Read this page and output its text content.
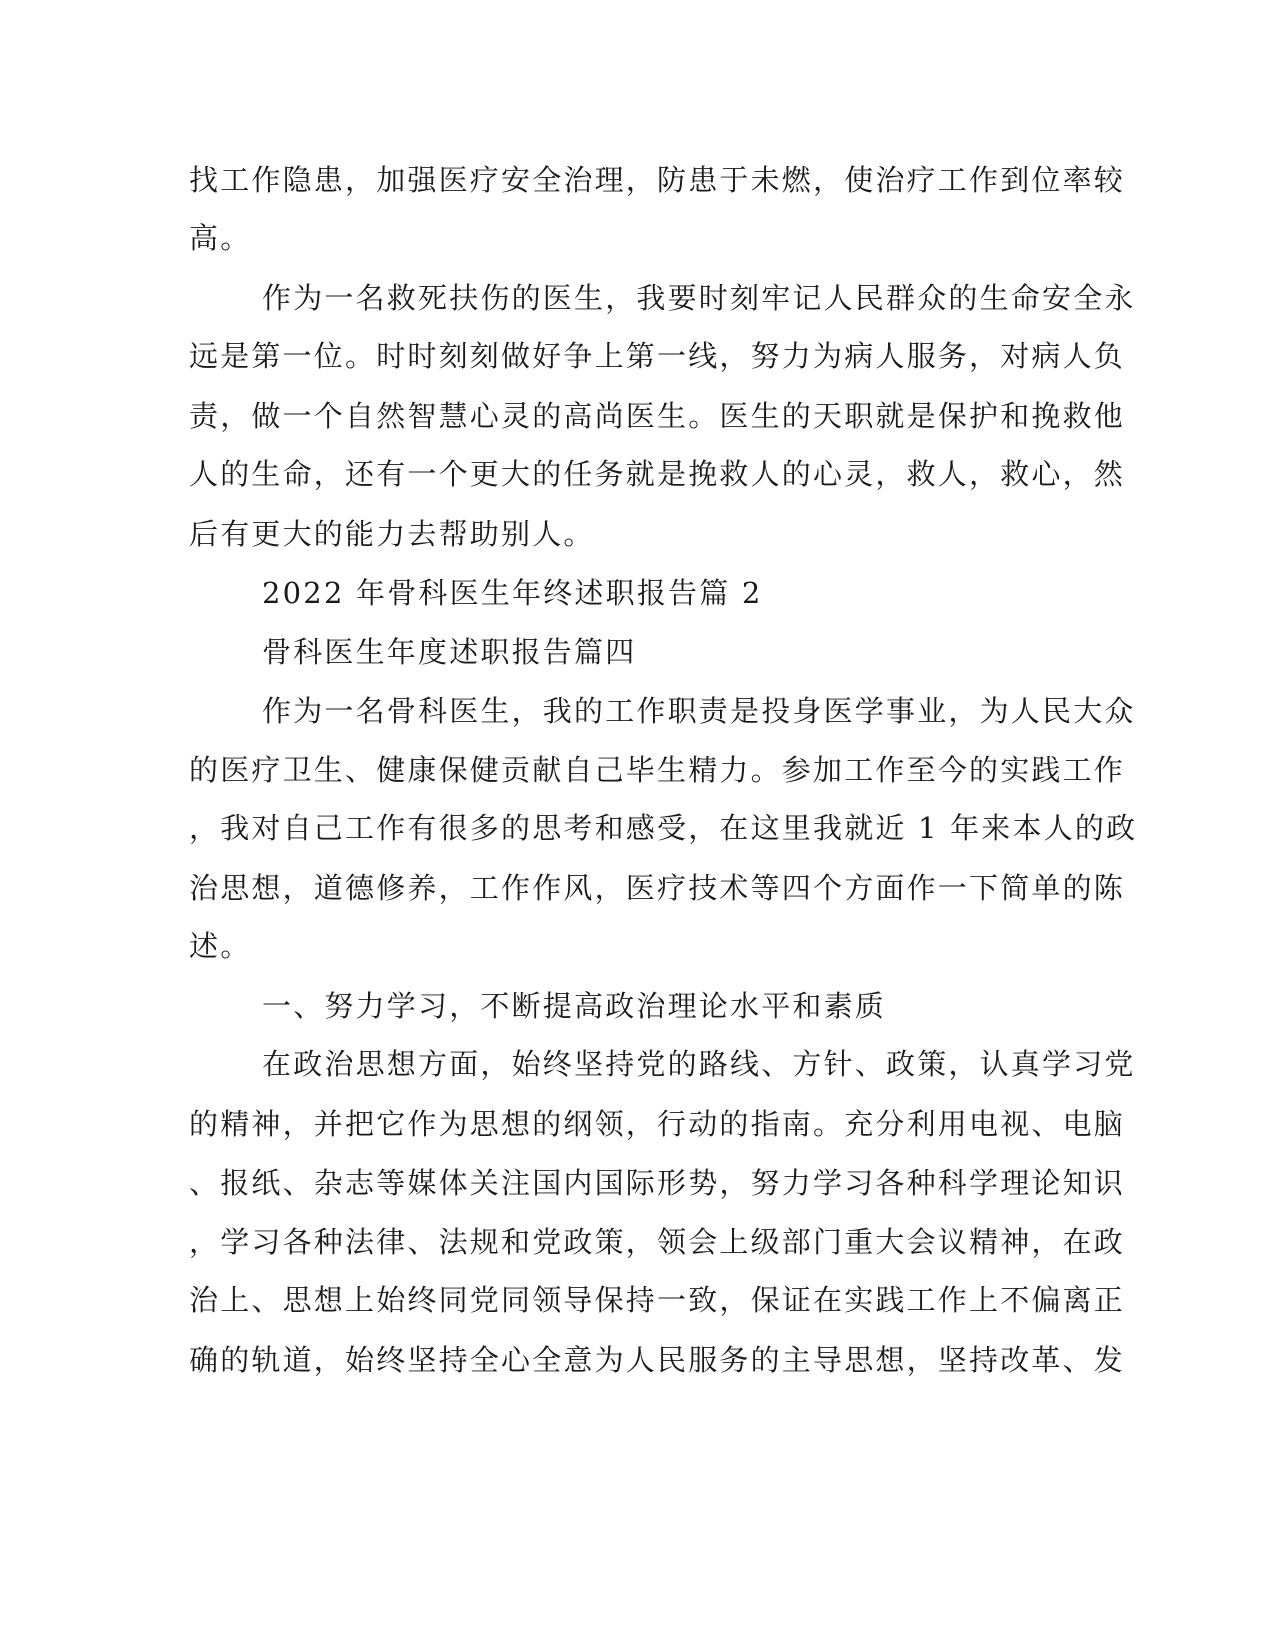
找工作隐患，加强医疗安全治理，防患于未燃，使治疗工作到位率较
高。
作为一名救死扶伤的医生，我要时刻牢记人民群众的生命安全永
远是第一位。时时刻刻做好争上第一线，努力为病人服务，对病人负
责，做一个自然智慧心灵的高尚医生。医生的天职就是保护和挽救他
人的生命，还有一个更大的任务就是挽救人的心灵，救人，救心，然
后有更大的能力去帮助别人。
2022 年骨科医生年终述职报告篇 2
骨科医生年度述职报告篇四
作为一名骨科医生，我的工作职责是投身医学事业，为人民大众
的医疗卫生、健康保健贡献自己毕生精力。参加工作至今的实践工作
，我对自己工作有很多的思考和感受，在这里我就近 1 年来本人的政
治思想，道德修养，工作作风，医疗技术等四个方面作一下简单的陈
述。
一、努力学习，不断提高政治理论水平和素质
在政治思想方面，始终坚持党的路线、方针、政策，认真学习党
的精神，并把它作为思想的纲领，行动的指南。充分利用电视、电脑
、报纸、杂志等媒体关注国内国际形势，努力学习各种科学理论知识
，学习各种法律、法规和党政策，领会上级部门重大会议精神，在政
治上、思想上始终同党同领导保持一致，保证在实践工作上不偏离正
确的轨道，始终坚持全心全意为人民服务的主导思想，坚持改革、发
